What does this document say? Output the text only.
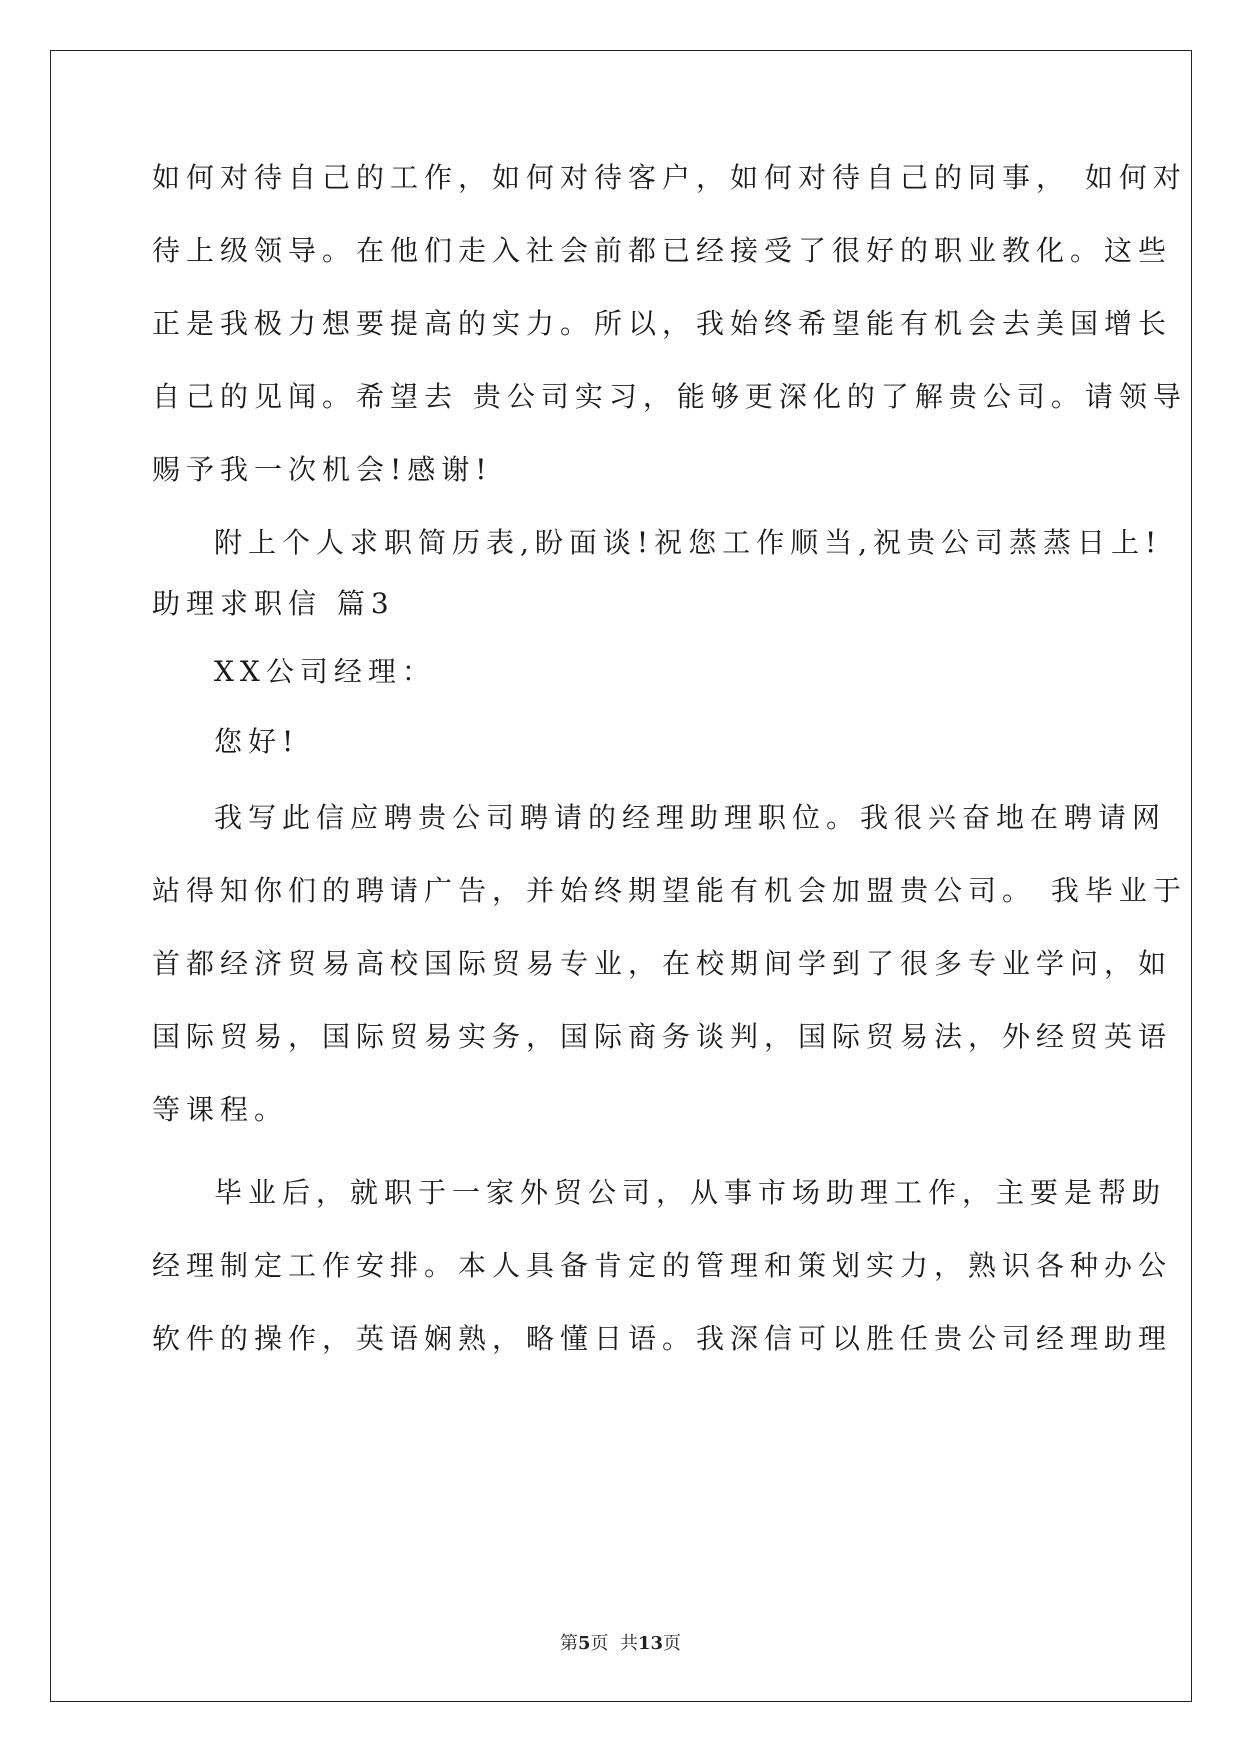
如何对待自己的工作，如何对待客户，如何对待自己的同事， 如何对
待上级领导。在他们走入社会前都已经接受了很好的职业教化。这些
正是我极力想要提高的实力。所以，我始终希望能有机会去美国增长
自己的见闻。希望去 贵公司实习，能够更深化的了解贵公司。请领导
赐予我一次机会!感谢!
附上个人求职简历表,盼面谈!祝您工作顺当,祝贵公司蒸蒸日上!
助理求职信 篇3
XX公司经理：
您好!
我写此信应聘贵公司聘请的经理助理职位。我很兴奋地在聘请网
站得知你们的聘请广告，并始终期望能有机会加盟贵公司。 我毕业于
首都经济贸易高校国际贸易专业，在校期间学到了很多专业学问，如
国际贸易，国际贸易实务，国际商务谈判，国际贸易法，外经贸英语
等课程。
毕业后，就职于一家外贸公司，从事市场助理工作，主要是帮助
经理制定工作安排。本人具备肯定的管理和策划实力，熟识各种办公
软件的操作，英语娴熟，略懂日语。我深信可以胜任贵公司经理助理
第5页  共13页
